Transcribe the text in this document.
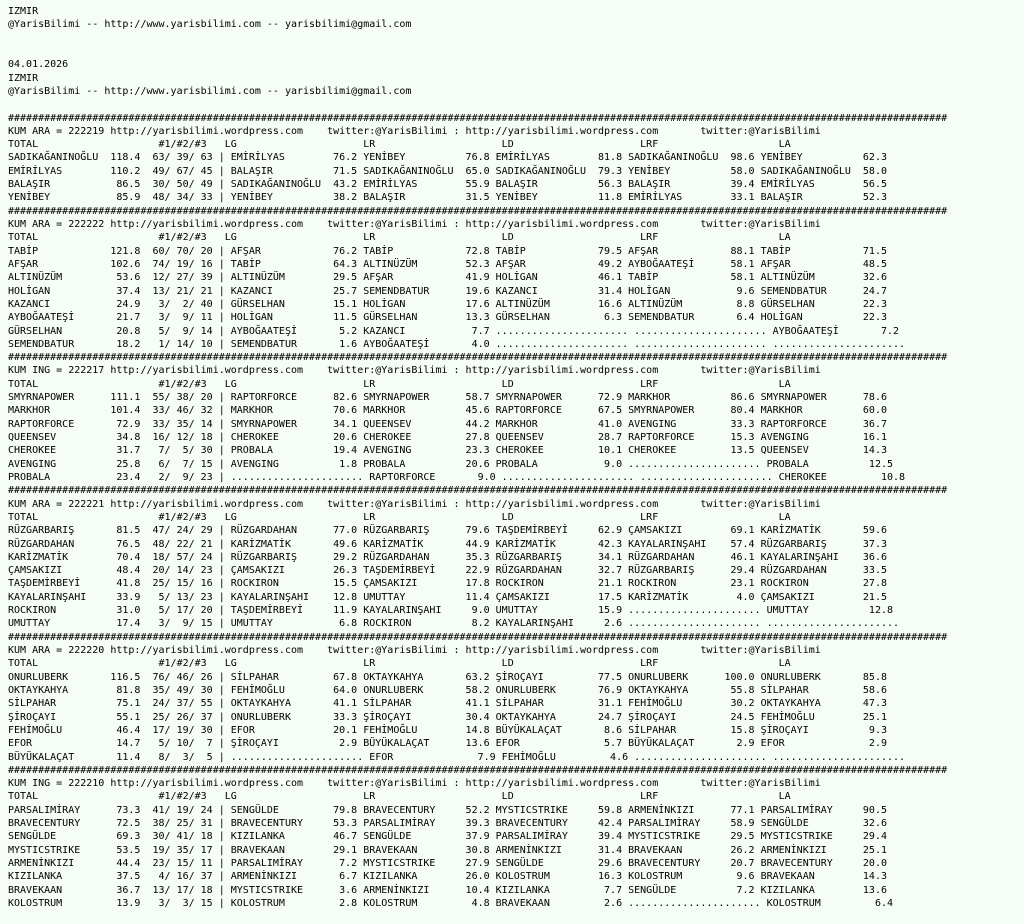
IZMIR
@YarisBilimi -- http://www.yarisbilimi.com -- yarisbilimi@gmail.com
04.01.2026
IZMIR
@YarisBilimi -- http://www.yarisbilimi.com -- yarisbilimi@gmail.com
############################################################################################################################################################
KUM ARA = 222219 http://yarisbilimi.wordpress.com    twitter:@YarisBilimi : http://yarisbilimi.wordpress.com       twitter:@YarisBilimi
TOTAL                    #1/#2/#3   LG                     LR                     LD                     LRF                    LA
SADIKAĞANINOĞLU  118.4  63/ 39/ 63 | EMİRİLYAS        76.2 YENİBEY          76.8 EMİRİLYAS        81.8 SADIKAĞANINOĞLU  98.6 YENİBEY          62.3
EMİRİLYAS        110.2  49/ 67/ 45 | BALAŞIR          71.5 SADIKAĞANINOĞLU  65.0 SADIKAĞANINOĞLU  79.3 YENİBEY          58.0 SADIKAĞANINOĞLU  58.0
BALAŞIR           86.5  30/ 50/ 49 | SADIKAĞANINOĞLU  43.2 EMİRİLYAS        55.9 BALAŞIR          56.3 BALAŞIR          39.4 EMİRİLYAS        56.5
YENİBEY           85.9  48/ 34/ 33 | YENİBEY          38.2 BALAŞIR          31.5 YENİBEY          11.8 EMİRİLYAS        33.1 BALAŞIR          52.3
############################################################################################################################################################
KUM ARA = 222222 http://yarisbilimi.wordpress.com    twitter:@YarisBilimi : http://yarisbilimi.wordpress.com       twitter:@YarisBilimi
TOTAL                    #1/#2/#3   LG                     LR                     LD                     LRF                    LA
TABİP            121.8  60/ 70/ 20 | AFŞAR            76.2 TABİP            72.8 TABİP            79.5 AFŞAR            88.1 TABİP            71.5
AFŞAR            102.6  74/ 19/ 16 | TABİP            64.3 ALTINÜZÜM        52.3 AFŞAR            49.2 AYBOĞAATEŞİ      58.1 AFŞAR            48.5
ALTINÜZÜM         53.6  12/ 27/ 39 | ALTINÜZÜM        29.5 AFŞAR            41.9 HOLİGAN          46.1 TABİP            58.1 ALTINÜZÜM        32.6
HOLİGAN           37.4  13/ 21/ 21 | KAZANCI          25.7 SEMENDBATUR      19.6 KAZANCI          31.4 HOLİGAN           9.6 SEMENDBATUR      24.7
KAZANCI           24.9   3/  2/ 40 | GÜRSELHAN        15.1 HOLİGAN          17.6 ALTINÜZÜM        16.6 ALTINÜZÜM         8.8 GÜRSELHAN        22.3
AYBOĞAATEŞİ       21.7   3/  9/ 11 | HOLİGAN          11.5 GÜRSELHAN        13.3 GÜRSELHAN         6.3 SEMENDBATUR       6.4 HOLİGAN          22.3
GÜRSELHAN         20.8   5/  9/ 14 | AYBOĞAATEŞİ       5.2 KAZANCI           7.7 ...................... ...................... AYBOĞAATEŞİ       7.2
SEMENDBATUR       18.2   1/ 14/ 10 | SEMENDBATUR       1.6 AYBOĞAATEŞİ       4.0 ...................... ...................... ......................
############################################################################################################################################################
KUM ING = 222217 http://yarisbilimi.wordpress.com    twitter:@YarisBilimi : http://yarisbilimi.wordpress.com       twitter:@YarisBilimi
TOTAL                    #1/#2/#3   LG                     LR                     LD                     LRF                    LA
SMYRNAPOWER      111.1  55/ 38/ 20 | RAPTORFORCE      82.6 SMYRNAPOWER      58.7 SMYRNAPOWER      72.9 MARKHOR          86.6 SMYRNAPOWER      78.6
MARKHOR          101.4  33/ 46/ 32 | MARKHOR          70.6 MARKHOR          45.6 RAPTORFORCE      67.5 SMYRNAPOWER      80.4 MARKHOR          60.0
RAPTORFORCE       72.9  33/ 35/ 14 | SMYRNAPOWER      34.1 QUEENSEV         44.2 MARKHOR          41.0 AVENGING         33.3 RAPTORFORCE      36.7
QUEENSEV          34.8  16/ 12/ 18 | CHEROKEE         20.6 CHEROKEE         27.8 QUEENSEV         28.7 RAPTORFORCE      15.3 AVENGING         16.1
CHEROKEE          31.7   7/  5/ 30 | PROBALA          19.4 AVENGING         23.3 CHEROKEE         10.1 CHEROKEE         13.5 QUEENSEV         14.3
AVENGING          25.8   6/  7/ 15 | AVENGING          1.8 PROBALA          20.6 PROBALA           9.0 ...................... PROBALA          12.5
PROBALA           23.4   2/  9/ 23 | ...................... RAPTORFORCE       9.0 ...................... ...................... CHEROKEE         10.8
############################################################################################################################################################
KUM ARA = 222221 http://yarisbilimi.wordpress.com    twitter:@YarisBilimi : http://yarisbilimi.wordpress.com       twitter:@YarisBilimi
TOTAL                    #1/#2/#3   LG                     LR                     LD                     LRF                    LA
RÜZGARBARIŞ       81.5  47/ 24/ 29 | RÜZGARDAHAN      77.0 RÜZGARBARIŞ      79.6 TAŞDEMİRBEYİ     62.9 ÇAMSAKIZI        69.1 KARİZMATİK       59.6
RÜZGARDAHAN       76.5  48/ 22/ 21 | KARİZMATİK       49.6 KARİZMATİK       44.9 KARİZMATİK       42.3 KAYALARINŞAHI    57.4 RÜZGARBARIŞ      37.3
KARİZMATİK        70.4  18/ 57/ 24 | RÜZGARBARIŞ      29.2 RÜZGARDAHAN      35.3 RÜZGARBARIŞ      34.1 RÜZGARDAHAN      46.1 KAYALARINŞAHI    36.6
ÇAMSAKIZI         48.4  20/ 14/ 23 | ÇAMSAKIZI        26.3 TAŞDEMİRBEYİ     22.9 RÜZGARDAHAN      32.7 RÜZGARBARIŞ      29.4 RÜZGARDAHAN      33.5
TAŞDEMİRBEYİ      41.8  25/ 15/ 16 | ROCKIRON         15.5 ÇAMSAKIZI        17.8 ROCKIRON         21.1 ROCKIRON         23.1 ROCKIRON         27.8
KAYALARINŞAHI     33.9   5/ 13/ 23 | KAYALARINŞAHI    12.8 UMUTTAY          11.4 ÇAMSAKIZI        17.5 KARİZMATİK        4.0 ÇAMSAKIZI        21.5
ROCKIRON          31.0   5/ 17/ 20 | TAŞDEMİRBEYİ     11.9 KAYALARINŞAHI     9.0 UMUTTAY          15.9 ...................... UMUTTAY          12.8
UMUTTAY           17.4   3/  9/ 15 | UMUTTAY           6.8 ROCKIRON          8.2 KAYALARINŞAHI     2.6 ...................... ......................
############################################################################################################################################################
KUM ARA = 222220 http://yarisbilimi.wordpress.com    twitter:@YarisBilimi : http://yarisbilimi.wordpress.com       twitter:@YarisBilimi
TOTAL                    #1/#2/#3   LG                     LR                     LD                     LRF                    LA
ONURLUBERK       116.5  76/ 46/ 26 | SİLPAHAR         67.8 OKTAYKAHYA       63.2 ŞİROÇAYI         77.5 ONURLUBERK      100.0 ONURLUBERK       85.8
OKTAYKAHYA        81.8  35/ 49/ 30 | FEHİMOĞLU        64.0 ONURLUBERK       58.2 ONURLUBERK       76.9 OKTAYKAHYA       55.8 SİLPAHAR         58.6
SİLPAHAR          75.1  24/ 37/ 55 | OKTAYKAHYA       41.1 SİLPAHAR         41.1 SİLPAHAR         31.1 FEHİMOĞLU        30.2 OKTAYKAHYA       47.3
ŞİROÇAYI          55.1  25/ 26/ 37 | ONURLUBERK       33.3 ŞİROÇAYI         30.4 OKTAYKAHYA       24.7 ŞİROÇAYI         24.5 FEHİMOĞLU        25.1
FEHİMOĞLU         46.4  17/ 19/ 30 | EFOR             20.1 FEHİMOĞLU        14.8 BÜYÜKALAÇAT       8.6 SİLPAHAR         15.8 ŞİROÇAYI          9.3
EFOR              14.7   5/ 10/  7 | ŞİROÇAYI          2.9 BÜYÜKALAÇAT      13.6 EFOR              5.7 BÜYÜKALAÇAT       2.9 EFOR              2.9
BÜYÜKALAÇAT       11.4   8/  3/  5 | ...................... EFOR              7.9 FEHİMOĞLU         4.6 ...................... ......................
############################################################################################################################################################
KUM ING = 222210 http://yarisbilimi.wordpress.com    twitter:@YarisBilimi : http://yarisbilimi.wordpress.com       twitter:@YarisBilimi
TOTAL                    #1/#2/#3   LG                     LR                     LD                     LRF                    LA
PARSALIMİRAY      73.3  41/ 19/ 24 | SENGÜLDE         79.8 BRAVECENTURY     52.2 MYSTICSTRIKE     59.8 ARMENİNKIZI      77.1 PARSALIMİRAY     90.5
BRAVECENTURY      72.5  38/ 25/ 31 | BRAVECENTURY     53.3 PARSALIMİRAY     39.3 BRAVECENTURY     42.4 PARSALIMİRAY     58.9 SENGÜLDE         32.6
SENGÜLDE          69.3  30/ 41/ 18 | KIZILANKA        46.7 SENGÜLDE         37.9 PARSALIMİRAY     39.4 MYSTICSTRIKE     29.5 MYSTICSTRIKE     29.4
MYSTICSTRIKE      53.5  19/ 35/ 17 | BRAVEKAAN        29.1 BRAVEKAAN        30.8 ARMENİNKIZI      31.4 BRAVEKAAN        26.2 ARMENİNKIZI      25.1
ARMENİNKIZI       44.4  23/ 15/ 11 | PARSALIMİRAY      7.2 MYSTICSTRIKE     27.9 SENGÜLDE         29.6 BRAVECENTURY     20.7 BRAVECENTURY     20.0
KIZILANKA         37.5   4/ 16/ 37 | ARMENİNKIZI       6.7 KIZILANKA        26.0 KOLOSTRUM        16.3 KOLOSTRUM         9.6 BRAVEKAAN        14.3
BRAVEKAAN         36.7  13/ 17/ 18 | MYSTICSTRIKE      3.6 ARMENİNKIZI      10.4 KIZILANKA         7.7 SENGÜLDE          7.2 KIZILANKA        13.6
KOLOSTRUM         13.9   3/  3/ 15 | KOLOSTRUM         2.8 KOLOSTRUM         4.8 BRAVEKAAN         2.6 ...................... KOLOSTRUM         6.4
